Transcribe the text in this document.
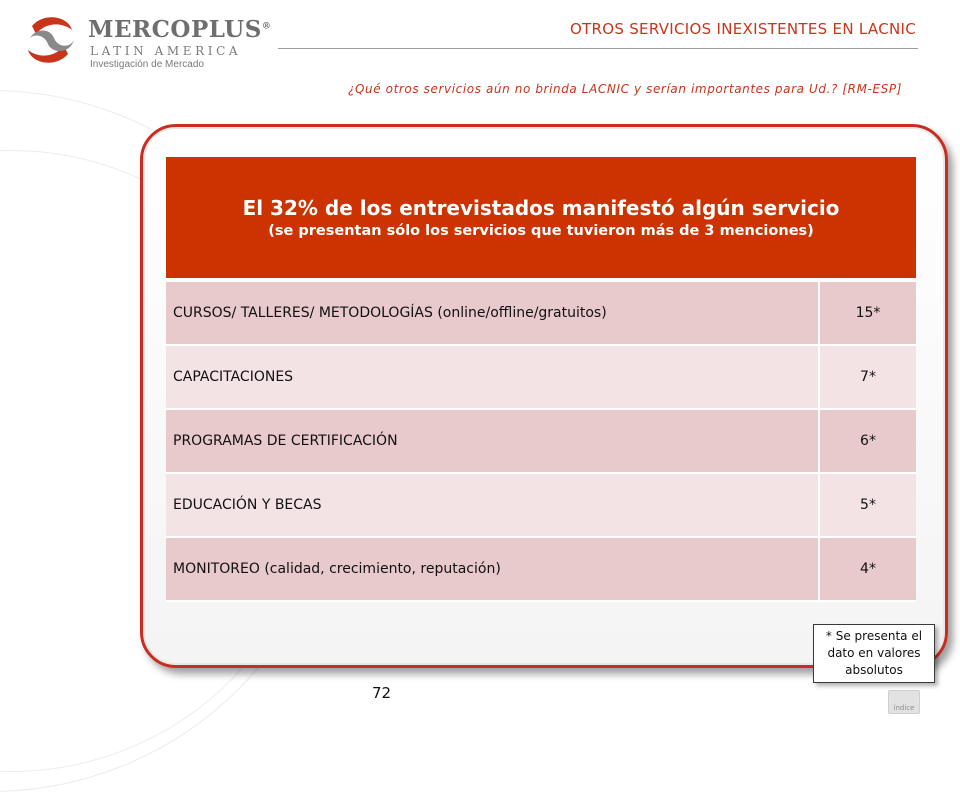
MERCOPLUS®
LATIN AMERICA
Investigación de Mercado
OTROS SERVICIOS INEXISTENTES EN LACNIC
¿Qué otros servicios aún no brinda LACNIC y serían importantes para Ud.? [RM-ESP]
El 32% de los entrevistados manifestó algún servicio
(se presentan sólo los servicios que tuvieron más de 3 menciones)
CURSOS/ TALLERES/ METODOLOGÍAS (online/offline/gratuitos)	15*
CAPACITACIONES	7*
PROGRAMAS DE CERTIFICACIÓN	6*
EDUCACIÓN Y BECAS	5*
MONITOREO (calidad, crecimiento, reputación)	4*
72
* Se presenta el dato en valores absolutos
índice
